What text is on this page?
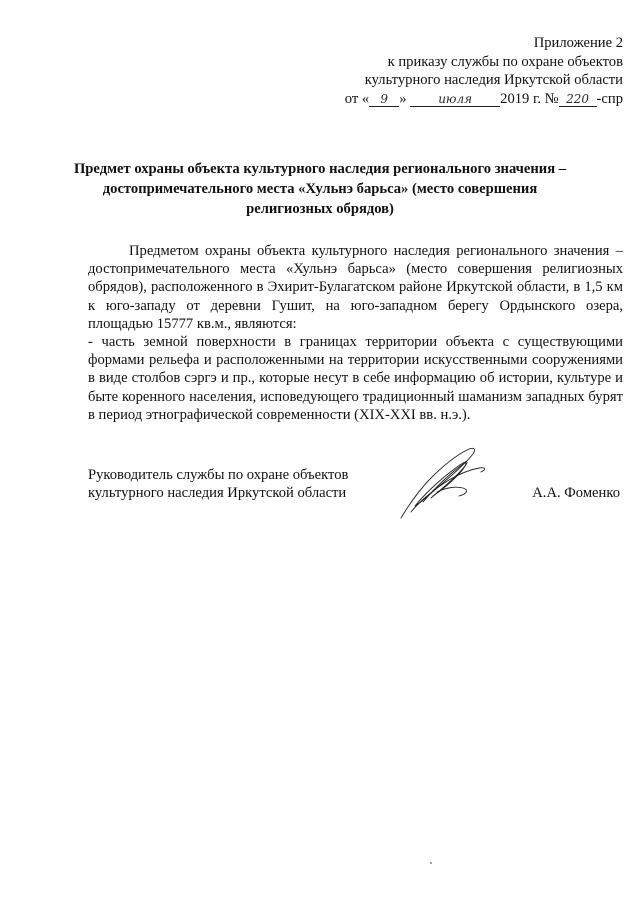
Приложение 2
к приказу службы по охране объектов
культурного наследия Иркутской области
от « 9 »	июля 2019 г. № 220 -спр
Предмет охраны объекта культурного наследия регионального значения –
достопримечательного места «Хульнэ барьса» (место совершения
религиозных обрядов)

Предметом охраны объекта культурного наследия регионального значения – достопримечательного места «Хульнэ барьса» (место совершения религиозных обрядов), расположенного в Эхирит-Булагатском районе Иркутской области, в 1,5 км к юго-западу от деревни Гушит, на юго-западном берегу Ордынского озера, площадью 15777 кв.м., являются:

- часть земной поверхности в границах территории объекта с существующими формами рельефа и расположенными на территории искусственными сооружениями в виде столбов сэргэ и пр., которые несут в себе информацию об истории, культуре и быте коренного населения, исповедующего традиционный шаманизм западных бурят в период этнографической современности (XIX-XXI вв. н.э.).

Руководитель службы по охране объектов
культурного наследия Иркутской области	А.А. Фоменко
